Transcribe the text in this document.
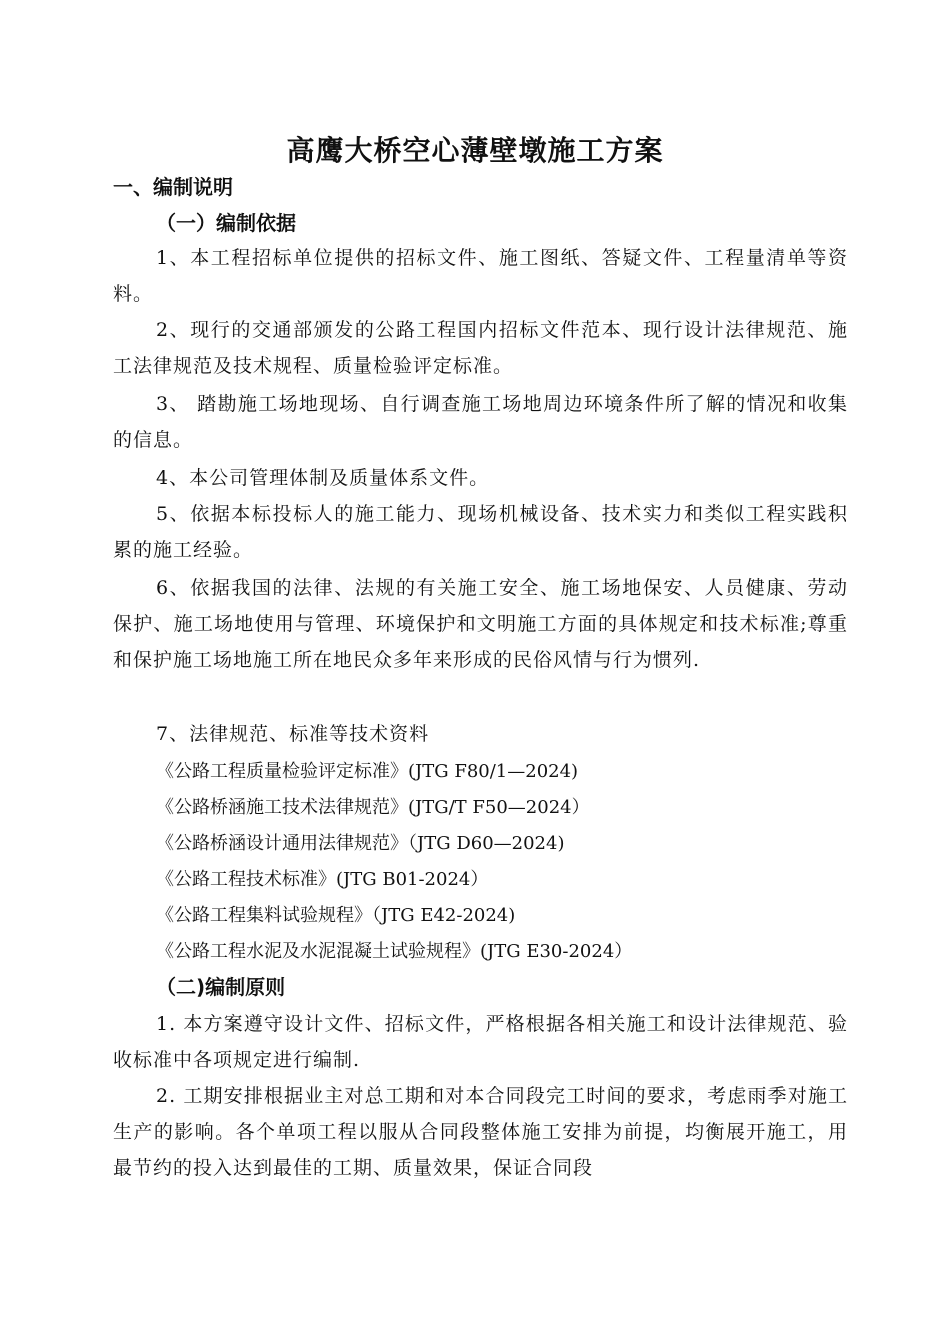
高鹰大桥空心薄壁墩施工方案
一、编制说明
（一）编制依据
1、本工程招标单位提供的招标文件、施工图纸、答疑文件、工程量清单等资料。
2、现行的交通部颁发的公路工程国内招标文件范本、现行设计法律规范、施工法律规范及技术规程、质量检验评定标准。
3、 踏勘施工场地现场、自行调查施工场地周边环境条件所了解的情况和收集的信息。
4、本公司管理体制及质量体系文件。
5、依据本标投标人的施工能力、现场机械设备、技术实力和类似工程实践积累的施工经验。
6、依据我国的法律、法规的有关施工安全、施工场地保安、人员健康、劳动保护、施工场地使用与管理、环境保护和文明施工方面的具体规定和技术标准;尊重和保护施工场地施工所在地民众多年来形成的民俗风情与行为惯列.
7、法律规范、标准等技术资料
《公路工程质量检验评定标准》(JTG F80/1—2024)
《公路桥涵施工技术法律规范》(JTG/T F50—2024）
《公路桥涵设计通用法律规范》（JTG D60—2024)
《公路工程技术标准》(JTG B01-2024）
《公路工程集料试验规程》（JTG E42-2024)
《公路工程水泥及水泥混凝土试验规程》(JTG E30-2024）
（二)编制原则
1. 本方案遵守设计文件、招标文件，严格根据各相关施工和设计法律规范、验收标准中各项规定进行编制.
2. 工期安排根据业主对总工期和对本合同段完工时间的要求，考虑雨季对施工生产的影响。各个单项工程以服从合同段整体施工安排为前提，均衡展开施工，用最节约的投入达到最佳的工期、质量效果，保证合同段
